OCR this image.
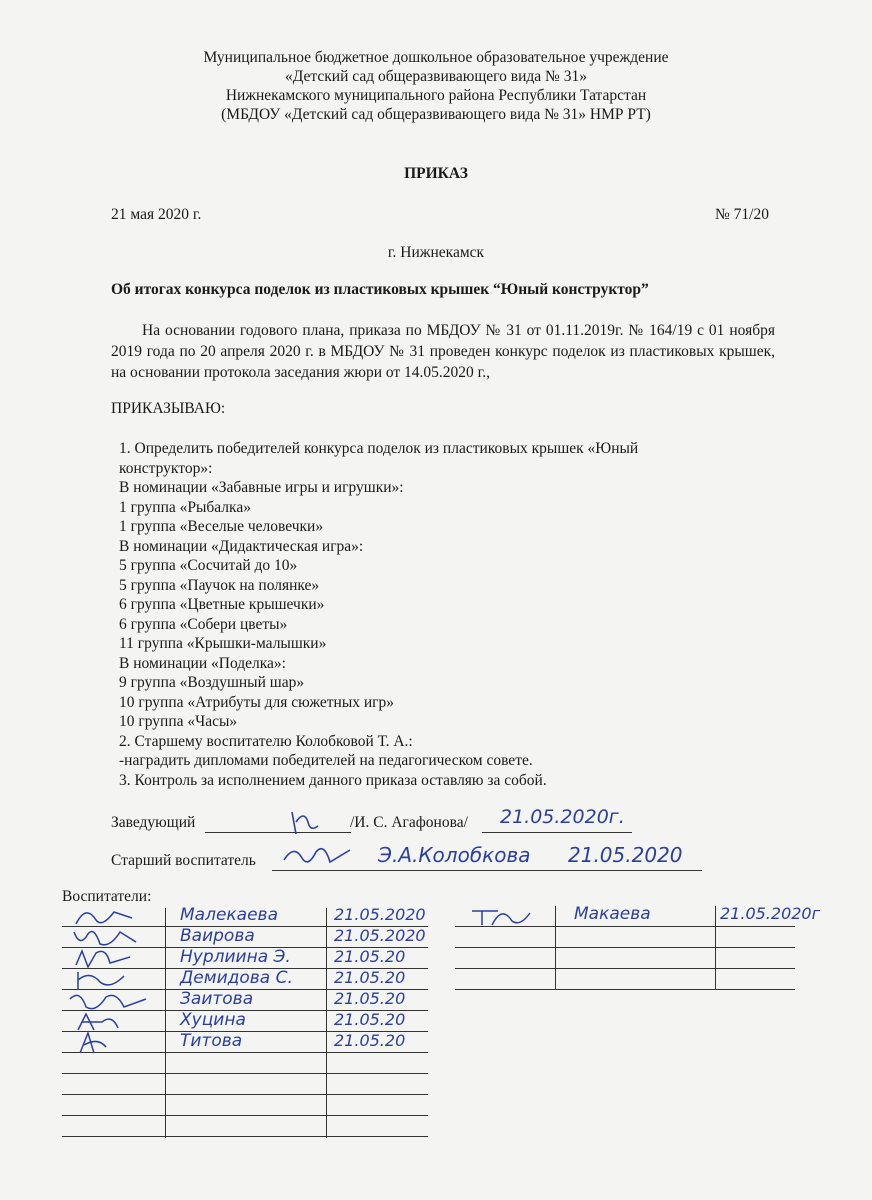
Муниципальное бюджетное дошкольное образовательное учреждение
«Детский сад общеразвивающего вида № 31»
Нижнекамского муниципального района Республики Татарстан
(МБДОУ «Детский сад общеразвивающего вида № 31» НМР РТ)
ПРИКАЗ
21 мая 2020 г.	№ 71/20
г. Нижнекамск
Об итогах конкурса поделок из пластиковых крышек “Юный конструктор”
На основании годового плана, приказа по МБДОУ № 31 от 01.11.2019г. № 164/19 с 01 ноября 2019 года по 20 апреля 2020 г. в МБДОУ № 31 проведен конкурс поделок из пластиковых крышек, на основании протокола заседания жюри от 14.05.2020 г.,
ПРИКАЗЫВАЮ:
1. Определить победителей конкурса поделок из пластиковых крышек «Юный
конструктор»:
В номинации «Забавные игры и игрушки»:
1 группа «Рыбалка»
1 группа «Веселые человечки»
В номинации «Дидактическая игра»:
5 группа «Сосчитай до 10»
5 группа «Паучок на полянке»
6 группа «Цветные крышечки»
6 группа «Собери цветы»
11 группа «Крышки-малышки»
В номинации «Поделка»:
9 группа «Воздушный шар»
10 группа «Атрибуты для сюжетных игр»
10 группа «Часы»
2. Старшему воспитателю Колобковой Т. А.:
-наградить дипломами победителей на педагогическом совете.
3. Контроль за исполнением данного приказа оставляю за собой.
Заведующий	/И. С. Агафонова/ 21.05.2020г.
Старший воспитатель	Э.А.Колобкова 21.05.2020
Воспитатели:
Малекаева	21.05.2020
Ваирова	21.05.2020
Нурлиина Э.	21.05.20
Демидова С.	21.05.20
Заитова	21.05.20
Хуцина	21.05.20
Титова	21.05.20
Макаева	21.05.2020г
